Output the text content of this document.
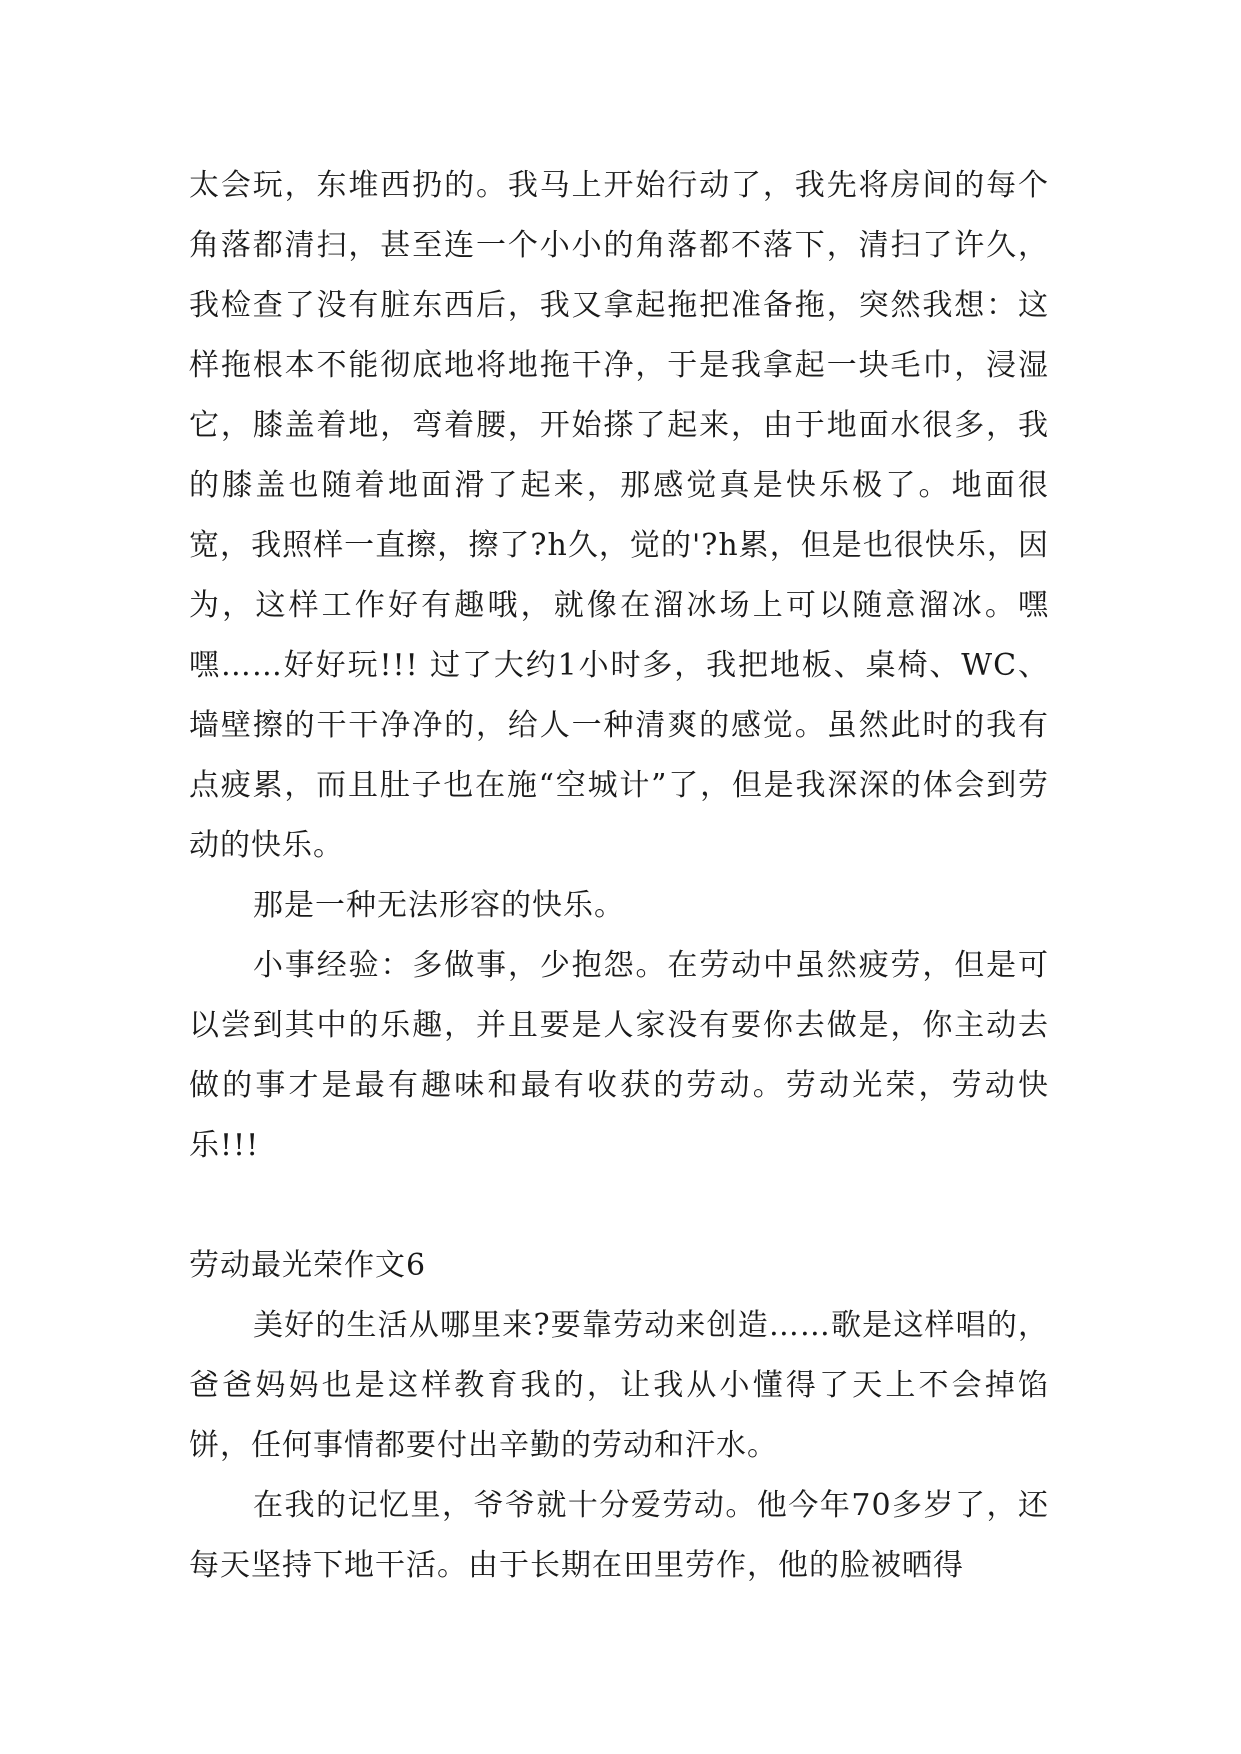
太会玩，东堆西扔的。我马上开始行动了，我先将房间的每个角落都清扫，甚至连一个小小的角落都不落下，清扫了许久，我检查了没有脏东西后，我又拿起拖把准备拖，突然我想：这样拖根本不能彻底地将地拖干净，于是我拿起一块毛巾，浸湿它，膝盖着地，弯着腰，开始搽了起来，由于地面水很多，我的膝盖也随着地面滑了起来，那感觉真是快乐极了。地面很宽，我照样一直擦，擦了?h久，觉的'?h累，但是也很快乐，因为，这样工作好有趣哦，就像在溜冰场上可以随意溜冰。嘿嘿……好好玩!!! 过了大约1小时多，我把地板、桌椅、WC、墙壁擦的干干净净的，给人一种清爽的感觉。虽然此时的我有点疲累，而且肚子也在施“空城计”了，但是我深深的体会到劳动的快乐。

那是一种无法形容的快乐。

小事经验：多做事，少抱怨。在劳动中虽然疲劳，但是可以尝到其中的乐趣，并且要是人家没有要你去做是，你主动去做的事才是最有趣味和最有收获的劳动。劳动光荣，劳动快乐!!!

劳动最光荣作文6

美好的生活从哪里来?要靠劳动来创造……歌是这样唱的，爸爸妈妈也是这样教育我的，让我从小懂得了天上不会掉馅饼，任何事情都要付出辛勤的劳动和汗水。

在我的记忆里，爷爷就十分爱劳动。他今年70多岁了，还每天坚持下地干活。由于长期在田里劳作，他的脸被晒得
